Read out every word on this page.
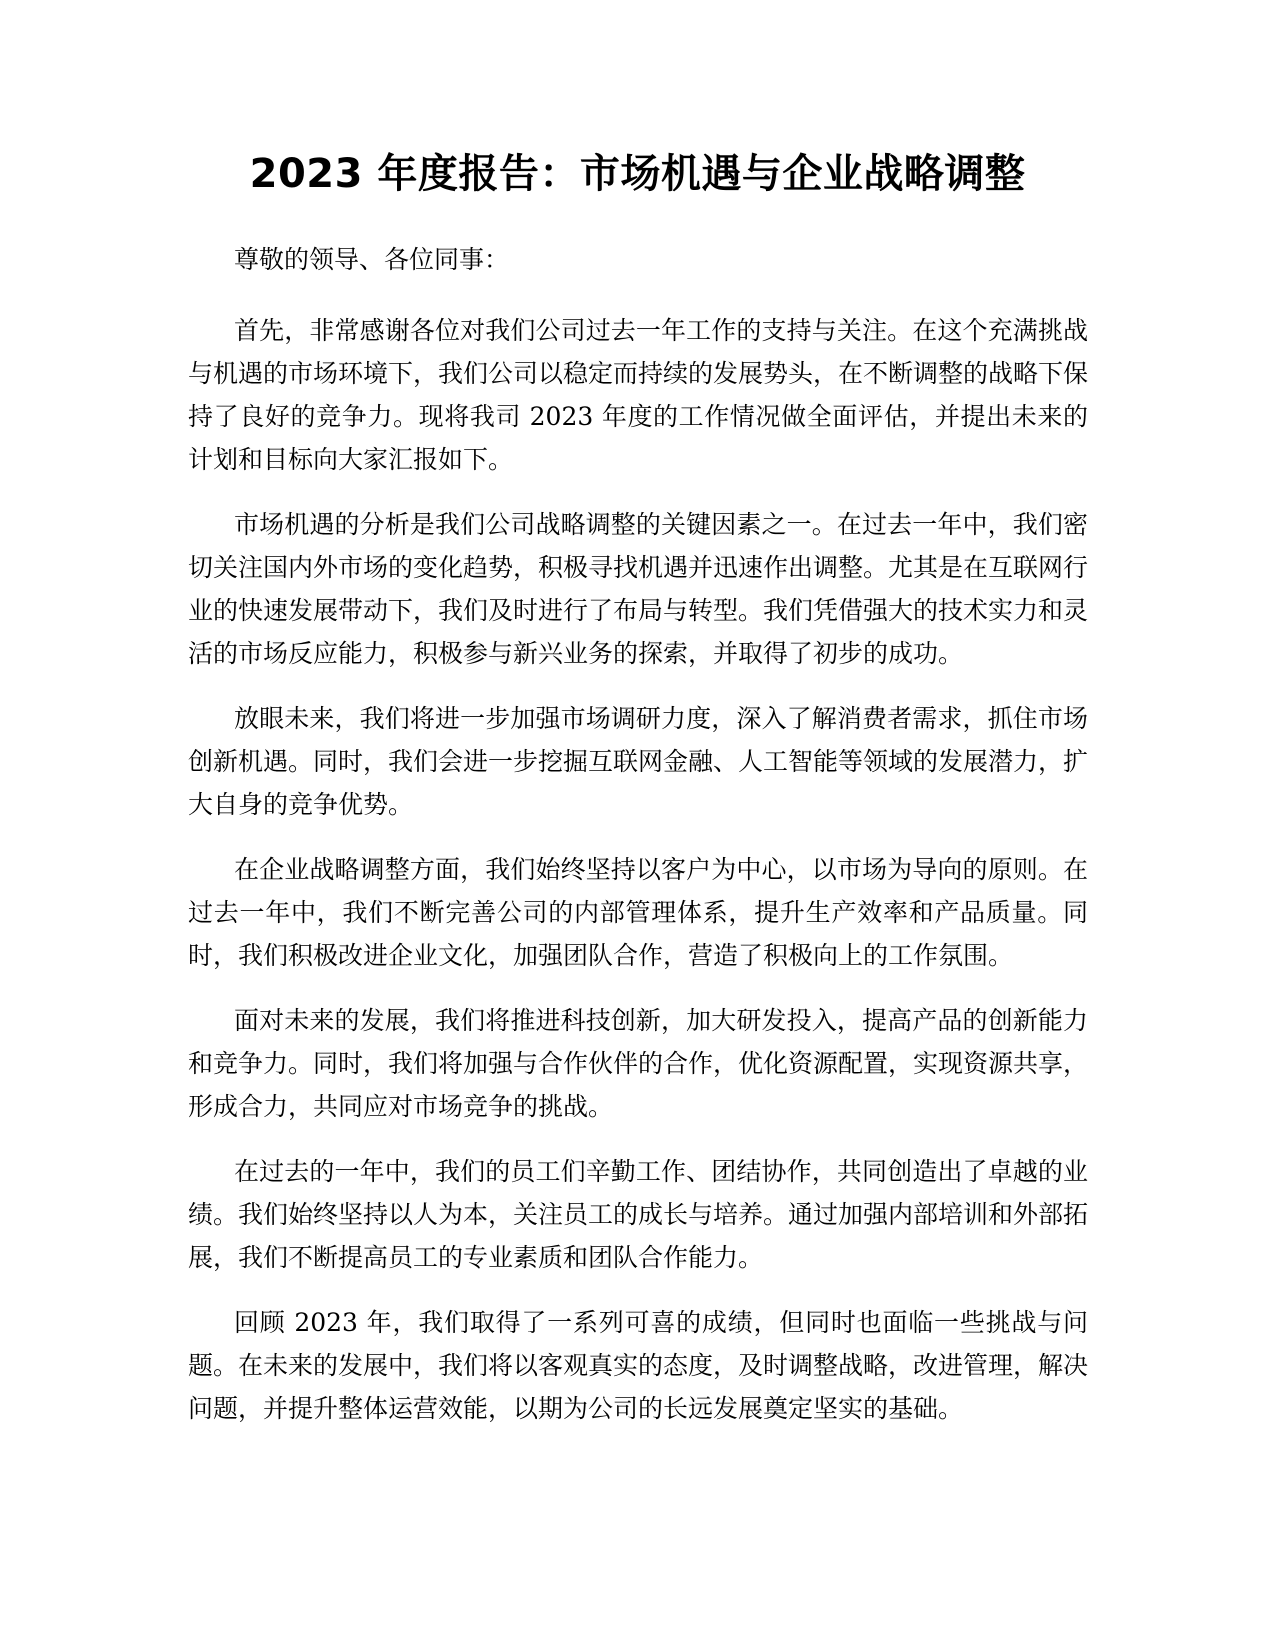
2023 年度报告：市场机遇与企业战略调整

尊敬的领导、各位同事：

首先，非常感谢各位对我们公司过去一年工作的支持与关注。在这个充满挑战与机遇的市场环境下，我们公司以稳定而持续的发展势头，在不断调整的战略下保持了良好的竞争力。现将我司 2023 年度的工作情况做全面评估，并提出未来的计划和目标向大家汇报如下。

市场机遇的分析是我们公司战略调整的关键因素之一。在过去一年中，我们密切关注国内外市场的变化趋势，积极寻找机遇并迅速作出调整。尤其是在互联网行业的快速发展带动下，我们及时进行了布局与转型。我们凭借强大的技术实力和灵活的市场反应能力，积极参与新兴业务的探索，并取得了初步的成功。

放眼未来，我们将进一步加强市场调研力度，深入了解消费者需求，抓住市场创新机遇。同时，我们会进一步挖掘互联网金融、人工智能等领域的发展潜力，扩大自身的竞争优势。

在企业战略调整方面，我们始终坚持以客户为中心，以市场为导向的原则。在过去一年中，我们不断完善公司的内部管理体系，提升生产效率和产品质量。同时，我们积极改进企业文化，加强团队合作，营造了积极向上的工作氛围。

面对未来的发展，我们将推进科技创新，加大研发投入，提高产品的创新能力和竞争力。同时，我们将加强与合作伙伴的合作，优化资源配置，实现资源共享，形成合力，共同应对市场竞争的挑战。

在过去的一年中，我们的员工们辛勤工作、团结协作，共同创造出了卓越的业绩。我们始终坚持以人为本，关注员工的成长与培养。通过加强内部培训和外部拓展，我们不断提高员工的专业素质和团队合作能力。

回顾 2023 年，我们取得了一系列可喜的成绩，但同时也面临一些挑战与问题。在未来的发展中，我们将以客观真实的态度，及时调整战略，改进管理，解决问题，并提升整体运营效能，以期为公司的长远发展奠定坚实的基础。
